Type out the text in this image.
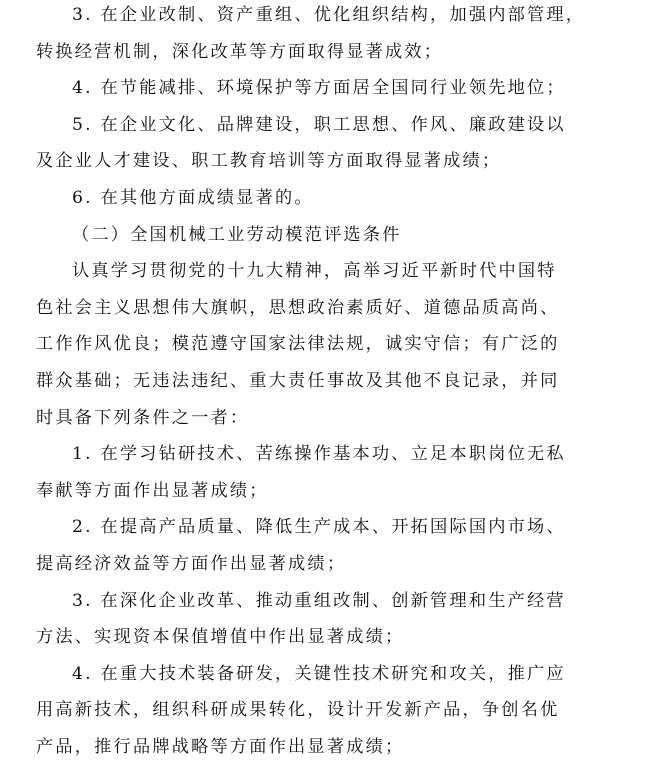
3. 在企业改制、资产重组、优化组织结构，加强内部管理，
转换经营机制，深化改革等方面取得显著成效；
4. 在节能减排、环境保护等方面居全国同行业领先地位；
5. 在企业文化、品牌建设，职工思想、作风、廉政建设以
及企业人才建设、职工教育培训等方面取得显著成绩；
6. 在其他方面成绩显著的。
（二）全国机械工业劳动模范评选条件
认真学习贯彻党的十九大精神，高举习近平新时代中国特
色社会主义思想伟大旗帜，思想政治素质好、道德品质高尚、
工作作风优良；模范遵守国家法律法规，诚实守信；有广泛的
群众基础；无违法违纪、重大责任事故及其他不良记录，并同
时具备下列条件之一者：
1. 在学习钻研技术、苦练操作基本功、立足本职岗位无私
奉献等方面作出显著成绩；
2. 在提高产品质量、降低生产成本、开拓国际国内市场、
提高经济效益等方面作出显著成绩；
3. 在深化企业改革、推动重组改制、创新管理和生产经营
方法、实现资本保值增值中作出显著成绩；
4. 在重大技术装备研发，关键性技术研究和攻关，推广应
用高新技术，组织科研成果转化，设计开发新产品，争创名优
产品，推行品牌战略等方面作出显著成绩；
